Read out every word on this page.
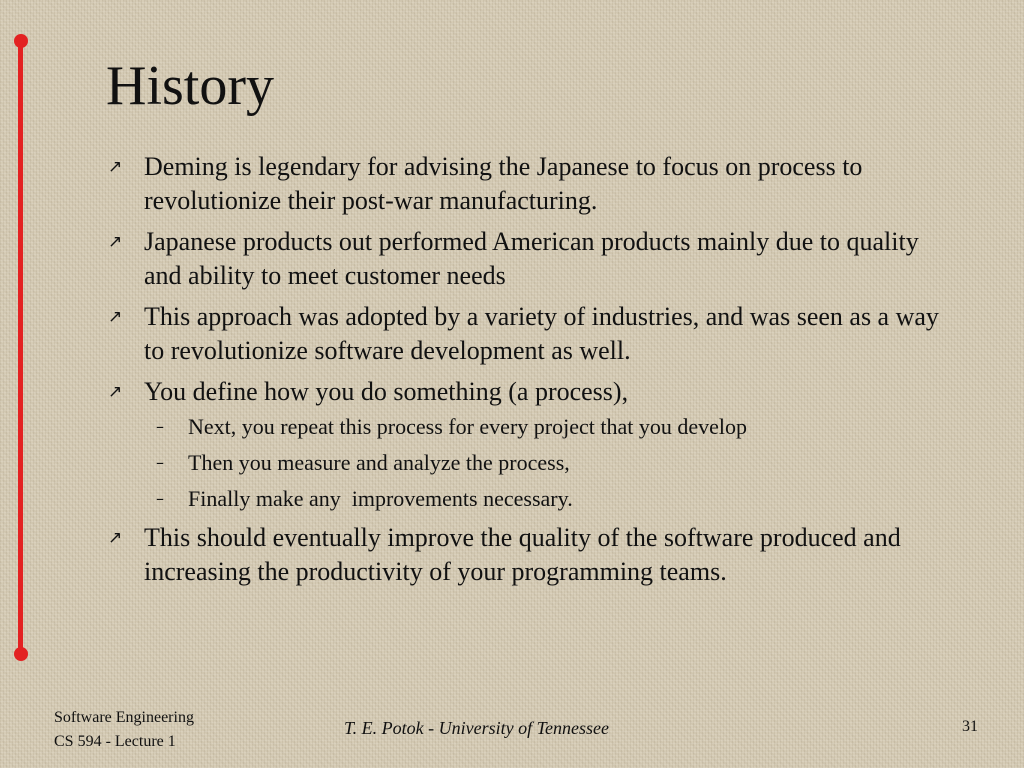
History
↗ Deming is legendary for advising the Japanese to focus on process to revolutionize their post-war manufacturing.
↗ Japanese products out performed American products mainly due to quality and ability to meet customer needs
↗ This approach was adopted by a variety of industries, and was seen as a way to revolutionize software development as well.
↗ You define how you do something (a process),
– Next, you repeat this process for every project that you develop
– Then you measure and analyze the process,
– Finally make any  improvements necessary.
↗ This should eventually improve the quality of the software produced and increasing the productivity of your programming teams.
Software Engineering
CS 594 - Lecture 1
T. E. Potok - University of Tennessee	31
